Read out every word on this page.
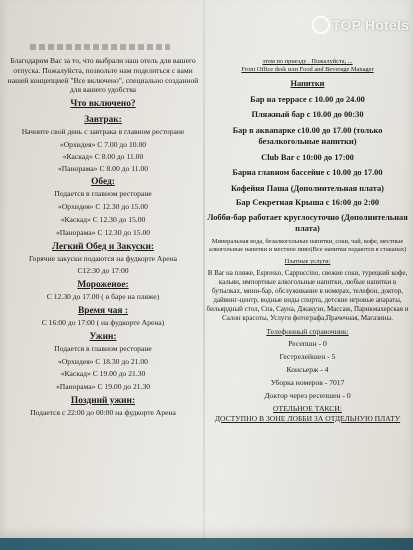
TOP Hotels
Благодарим Вас за то, что выбрали наш отель для вашего отпуска. Пожалуйста, позвольте нам поделиться с вами нашей концепцией "Все включено", специально созданной для вашего удобства
Что включено?
Завтрак:
Начните свой день с завтрака в главном ресторане
«Орхидея» С 7.00 до 10.00
«Каскад» С 8.00 до 11.00
«Панорама» С 8.00 до 11.00
Обед:
Подается в главном ресторане
«Орхидея» С 12.30 до 15.00
«Каскад» С 12.30 до 15.00
«Панорама» С 12.30 до 15.00
Легкий Обед и Закуски:
Горячие закуски подаются на фудкорте Арена
С12:30 до 17:00
Мороженое:
С 12.30 до 17.00 ( в баре на пляже)
Время чая :
С 16:00 до 17:00 ( на фудкорте Арена)
Ужин:
Подается в главном ресторане
«Орхидея» С 18.30 до 21.00
«Каскад» С 19.00 до 21.30
«Панорама» С 19.00 до 21.30
Поздний ужин:
Подается с 22:00 до 00:00 на фудкорте Арена
этом по приезду . Пожалуйста, ...
Front Office desk или Food and Beverage Manager
Напитки
Бар на террасе с 10.00 до 24.00
Пляжный бар с 10.00 до 00:30
Бар в аквапарке с10.00 до 17.00 (только безалкогольные напитки)
Club Bar с 10:00 до 17:00
Барна главном бассейне с 10.00 до 17.00
Кофейня Паша (Дополнительная плата)
Бар Секретная Крыша с 16:00 до 2:00
Лобби-бар работает круглосуточно (Дополнительная плата)
Минеральная вода, безалкогольные напитки, соки, чай, кофе, местные алкогольные напитки и местное пиво(Все напитки подаются в стаканах)
Платные услуги:
В Bar на пляже, Espresso, Cappuccino, свежие соки, турецкий кофе, кальян, импортные алкогольные напитки, любые напитки в бутылках, мини-бар, обслуживание в номерах, телефон, доктор, дайвинг-центр, водные виды спорта, детские игровые апараты, бильярдный стол, Спа, Сауна, Джакузи, Массаж, Парикмахерская и Салон красоты, Услуги фотографа,Прачечная, Магазины.
Телефонный справочник:
Ресепшн - 0
Гестрелейшен - 5
Консьерж - 4
Уборка номеров - 7017
Доктор через ресепшен - 0
ОТЕЛЬНОЕ ТАКСИ:
ДОСТУПНО В ЗОНЕ ЛОББИ ЗА ОТДЕЛЬНУЮ ПЛАТУ
